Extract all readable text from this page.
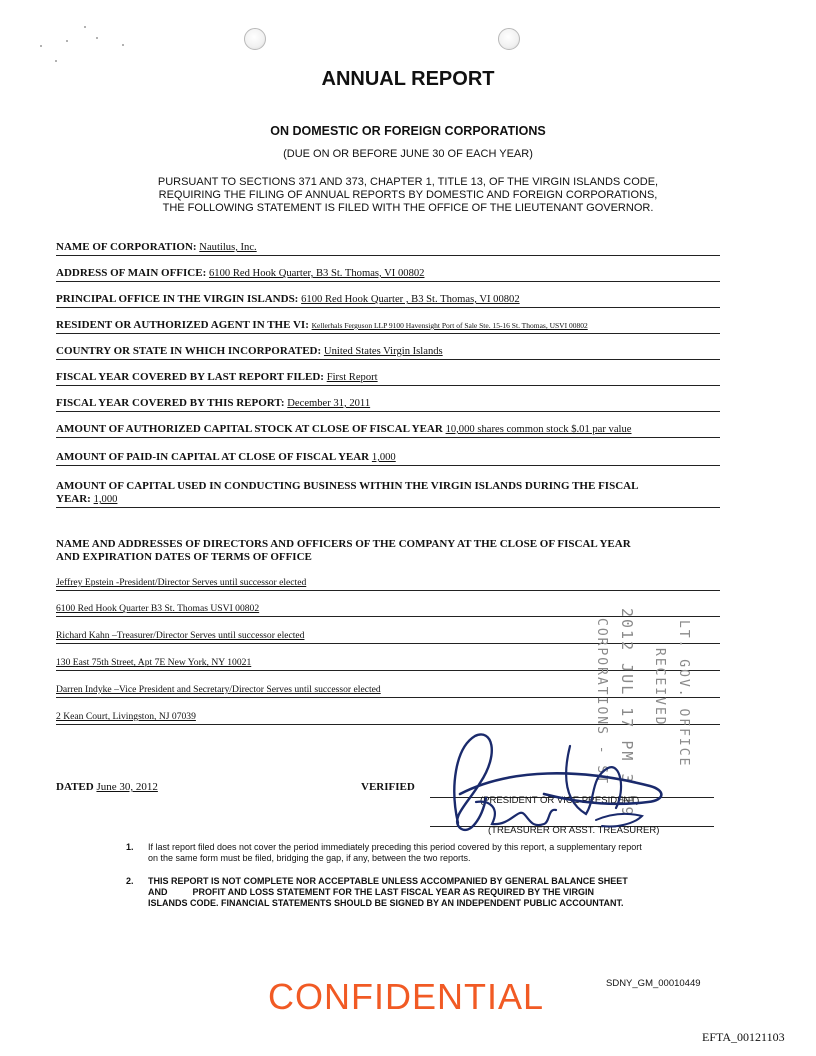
ANNUAL REPORT
ON DOMESTIC OR FOREIGN CORPORATIONS
(DUE ON OR BEFORE JUNE 30 OF EACH YEAR)
PURSUANT TO SECTIONS 371 AND 373, CHAPTER 1, TITLE 13, OF THE VIRGIN ISLANDS CODE,
REQUIRING THE FILING OF ANNUAL REPORTS BY DOMESTIC AND FOREIGN CORPORATIONS,
THE FOLLOWING STATEMENT IS FILED WITH THE OFFICE OF THE LIEUTENANT GOVERNOR.
NAME OF CORPORATION: Nautilus, Inc.
ADDRESS OF MAIN OFFICE: 6100 Red Hook Quarter, B3 St. Thomas, VI 00802
PRINCIPAL OFFICE IN THE VIRGIN ISLANDS: 6100 Red Hook Quarter , B3 St. Thomas, VI 00802
RESIDENT OR AUTHORIZED AGENT IN THE VI: Kellerhals Ferguson LLP 9100 Havensight Port of Sale Ste. 15-16 St. Thomas, USVI 00802
COUNTRY OR STATE IN WHICH INCORPORATED: United States Virgin Islands
FISCAL YEAR COVERED BY LAST REPORT FILED: First Report
FISCAL YEAR COVERED BY THIS REPORT: December 31, 2011
AMOUNT OF AUTHORIZED CAPITAL STOCK AT CLOSE OF FISCAL YEAR 10,000 shares common stock $.01 par value
AMOUNT OF PAID-IN CAPITAL AT CLOSE OF FISCAL YEAR 1,000
AMOUNT OF CAPITAL USED IN CONDUCTING BUSINESS WITHIN THE VIRGIN ISLANDS DURING THE FISCAL
YEAR: 1,000
NAME AND ADDRESSES OF DIRECTORS AND OFFICERS OF THE COMPANY AT THE CLOSE OF FISCAL YEAR
AND EXPIRATION DATES OF TERMS OF OFFICE
Jeffrey Epstein -President/Director Serves until successor elected
6100 Red Hook Quarter B3 St. Thomas USVI 00802
Richard Kahn –Treasurer/Director Serves until successor elected
130 East 75th Street, Apt 7E New York, NY 10021
Darren Indyke –Vice President and Secretary/Director Serves until successor elected
2 Kean Court, Livingston, NJ 07039	CORPORATIONS - ST 2012 JUL 17 PM 3 19 RECEIVED LT. GOV. OFFICE
DATED June 30, 2012	VERIFIED
(PRESIDENT OR VICE PRESIDENT)
(TREASURER OR ASST. TREASURER)
1. If last report filed does not cover the period immediately preceding this period covered by this report, a supplementary report
on the same form must be filed, bridging the gap, if any, between the two reports.
2. THIS REPORT IS NOT COMPLETE NOR ACCEPTABLE UNLESS ACCOMPANIED BY GENERAL BALANCE SHEET
AND          PROFIT AND LOSS STATEMENT FOR THE LAST FISCAL YEAR AS REQUIRED BY THE VIRGIN
ISLANDS CODE. FINANCIAL STATEMENTS SHOULD BE SIGNED BY AN INDEPENDENT PUBLIC ACCOUNTANT.
CONFIDENTIAL	SDNY_GM_00010449
EFTA_00121103
